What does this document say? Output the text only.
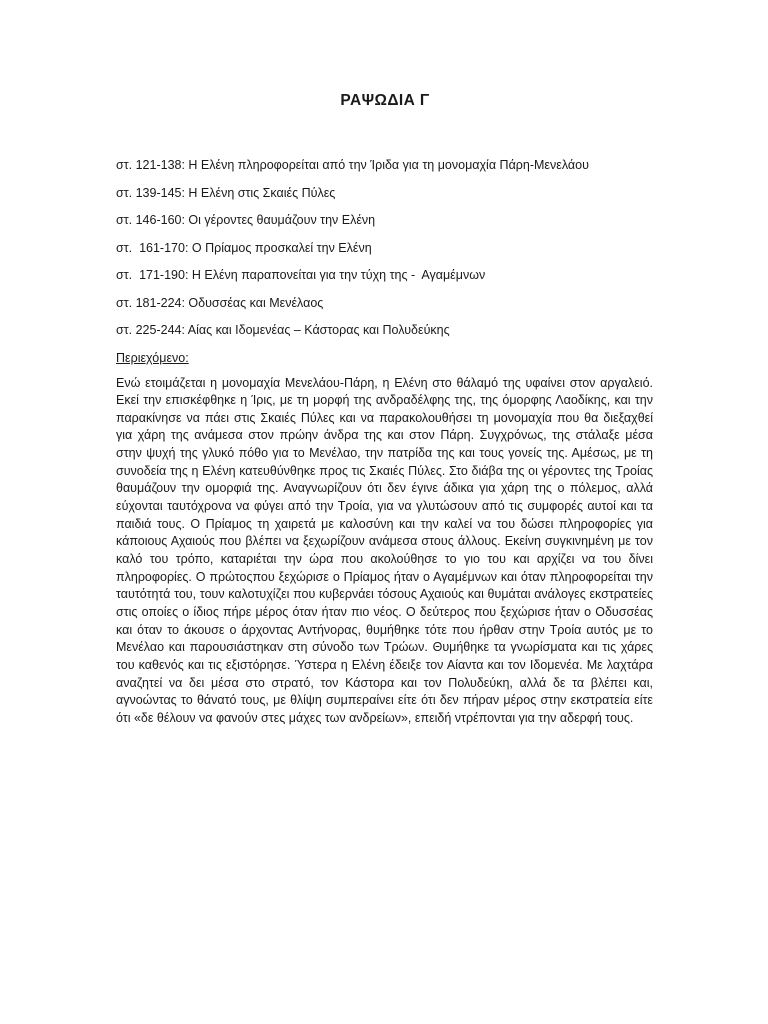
ΡΑΨΩΔΙΑ Γ
στ. 121-138: Η Ελένη πληροφορείται από την Ίριδα για τη μονομαχία Πάρη-Μενελάου
στ. 139-145: Η Ελένη στις Σκαιές Πύλες
στ. 146-160: Οι γέροντες θαυμάζουν την Ελένη
στ.  161-170: Ο Πρίαμος προσκαλεί την Ελένη
στ.  171-190: Η Ελένη παραπονείται για την τύχη της -  Αγαμέμνων
στ. 181-224: Οδυσσέας και Μενέλαος
στ. 225-244: Αίας και Ιδομενέας – Κάστορας και Πολυδεύκης
Περιεχόμενο:

Ενώ ετοιμάζεται η μονομαχία Μενελάου-Πάρη, η Ελένη στο θάλαμό της υφαίνει στον αργαλειό. Εκεί την επισκέφθηκε η Ίρις, με τη μορφή της ανδραδέλφης της, της όμορφης Λαοδίκης, και την παρακίνησε να πάει στις Σκαιές Πύλες και να παρακολουθήσει τη μονομαχία που θα διεξαχθεί για χάρη της ανάμεσα στον πρώην άνδρα της και στον Πάρη. Συγχρόνως, της στάλαξε μέσα στην ψυχή της γλυκό πόθο για το Μενέλαο, την πατρίδα της και τους γονείς της. Αμέσως, με τη συνοδεία της η Ελένη κατευθύνθηκε προς τις Σκαιές Πύλες. Στο διάβα της οι γέροντες της Τροίας θαυμάζουν την ομορφιά της. Αναγνωρίζουν ότι δεν έγινε άδικα για χάρη της ο πόλεμος, αλλά εύχονται ταυτόχρονα να φύγει από την Τροία, για να γλυτώσουν από τις συμφορές αυτοί και τα παιδιά τους. Ο Πρίαμος τη χαιρετά με καλοσύνη και την καλεί να του δώσει πληροφορίες για κάποιους Αχαιούς που βλέπει να ξεχωρίζουν ανάμεσα στους άλλους. Εκείνη συγκινημένη με τον καλό του τρόπο, καταριέται την ώρα που ακολούθησε το γιο του και αρχίζει να του δίνει πληροφορίες. Ο πρώτοςπου ξεχώρισε ο Πρίαμος ήταν ο Αγαμέμνων και όταν πληροφορείται την ταυτότητά του, τουν καλοτυχίζει που κυβερνάει τόσους Αχαιούς και θυμάται ανάλογες εκστρατείες στις οποίες ο ίδιος πήρε μέρος όταν ήταν πιο νέος. Ο δεύτερος που ξεχώρισε ήταν ο Οδυσσέας και όταν το άκουσε ο άρχοντας Αντήνορας, θυμήθηκε τότε που ήρθαν στην Τροία αυτός με το Μενέλαο και παρουσιάστηκαν στη σύνοδο των Τρώων. Θυμήθηκε τα γνωρίσματα και τις χάρες του καθενός και τις εξιστόρησε. Ύστερα η Ελένη έδειξε τον Αίαντα και τον Ιδομενέα. Με λαχτάρα αναζητεί να δει μέσα στο στρατό, τον Κάστορα και τον Πολυδεύκη, αλλά δε τα βλέπει και, αγνοώντας το θάνατό τους, με θλίψη συμπεραίνει είτε ότι δεν πήραν μέρος στην εκστρατεία είτε ότι «δε θέλουν να φανούν στες μάχες των ανδρείων», επειδή ντρέπονται για την αδερφή τους.
